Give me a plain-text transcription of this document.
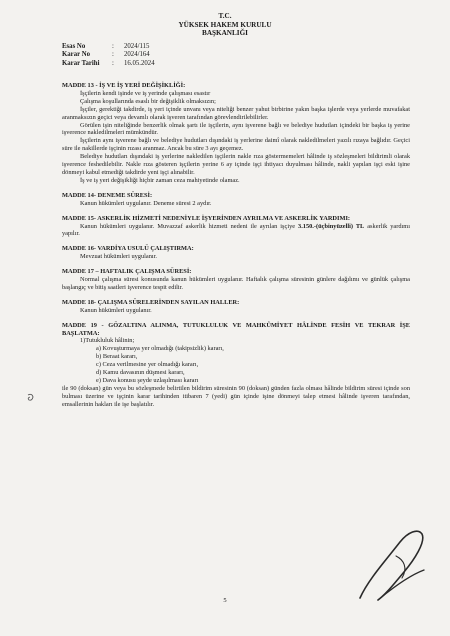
T.C.
YÜKSEK HAKEM KURULU
BAŞKANLIĞI
Esas No	:	2024/115
Karar No	:	2024/164
Karar Tarihi	:	16.05.2024

MADDE 13 - İŞ VE İŞ YERİ DEĞİŞİKLİĞİ:

İşçilerin kendi işinde ve iş yerinde çalışması esastır

Çalışma koşullarında esaslı bir değişiklik olmaksızın;

İşçiler, gerektiği takdirde, iş yeri içinde unvanı veya niteliği benzer yahut birbirine yakın başka işlerde veya yerlerde muvafakat aranmaksızın geçici veya devamlı olarak işveren tarafından görevlendirilebilirler.

Görülen işin niteliğinde benzerlik olmak şartı ile işçilerin, aynı işverene bağlı ve belediye hudutları içindeki bir başka iş yerine işverence nakledilmeleri mümkündür.

İşçilerin aynı işverene bağlı ve belediye hudutları dışındaki iş yerlerine daimî olarak nakledilmeleri yazılı rızaya bağlıdır. Geçici süre ile nakillerde işçinin rızası aranmaz. Ancak bu süre 3 ayı geçemez.

Belediye hudutları dışındaki iş yerlerine nakledilen işçilerin nakle rıza göstermemeleri hâlinde iş sözleşmeleri bildirimli olarak işverence feshedilebilir. Nakle rıza gösteren işçilerin yerine 6 ay içinde işçi ihtiyacı duyulması hâlinde, nakli yapılan işçi eski işine dönmeyi kabul etmediği takdirde yeni işçi alınabilir.

İş ve iş yeri değişikliği hiçbir zaman ceza mahiyetinde olamaz.

MADDE 14- DENEME SÜRESİ:

Kanun hükümleri uygulanır. Deneme süresi 2 aydır.

MADDE 15- ASKERLİK HİZMETİ NEDENİYLE İŞYERİNDEN AYRILMA VE ASKERLİK YARDIMI:

Kanun hükümleri uygulanır. Muvazzaf askerlik hizmeti nedeni ile ayrılan işçiye 3.150.-(üçbinyüzelli) TL askerlik yardımı yapılır.

MADDE 16- VARDİYA USULÜ ÇALIŞTIRMA:

Mevzuat hükümleri uygulanır.

MADDE 17 – HAFTALIK ÇALIŞMA SÜRESİ:

Normal çalışma süresi konusunda kanun hükümleri uygulanır. Haftalık çalışma süresinin günlere dağılımı ve günlük çalışma başlangıç ve bitiş saatleri işverence tespit edilir.

MADDE 18- ÇALIŞMA SÜRELERİNDEN SAYILAN HALLER:

Kanun hükümleri uygulanır.

MADDE 19 - GÖZALTINA ALINMA, TUTUKLULUK VE MAHKÛMİYET HÂLİNDE FESİH VE TEKRAR İŞE BAŞLATMA:

1)Tutukluluk hâlinin;

a) Kovuşturmaya yer olmadığı (takipsizlik) kararı,

b) Beraat kararı,

c) Ceza verilmesine yer olmadığı kararı,

d) Kamu davasının düşmesi kararı,

e) Dava konusu şeyde uzlaşılması kararı

ile 90 (doksan) gün veya bu sözleşmede belirtilen bildirim süresinin 90 (doksan) günden fazla olması hâlinde bildirim süresi içinde son bulması üzerine ve işçinin karar tarihinden itibaren 7 (yedi) gün içinde işine dönmeyi talep etmesi hâlinde işveren tarafından, emsallerinin hakları ile işe başlatılır.

5
